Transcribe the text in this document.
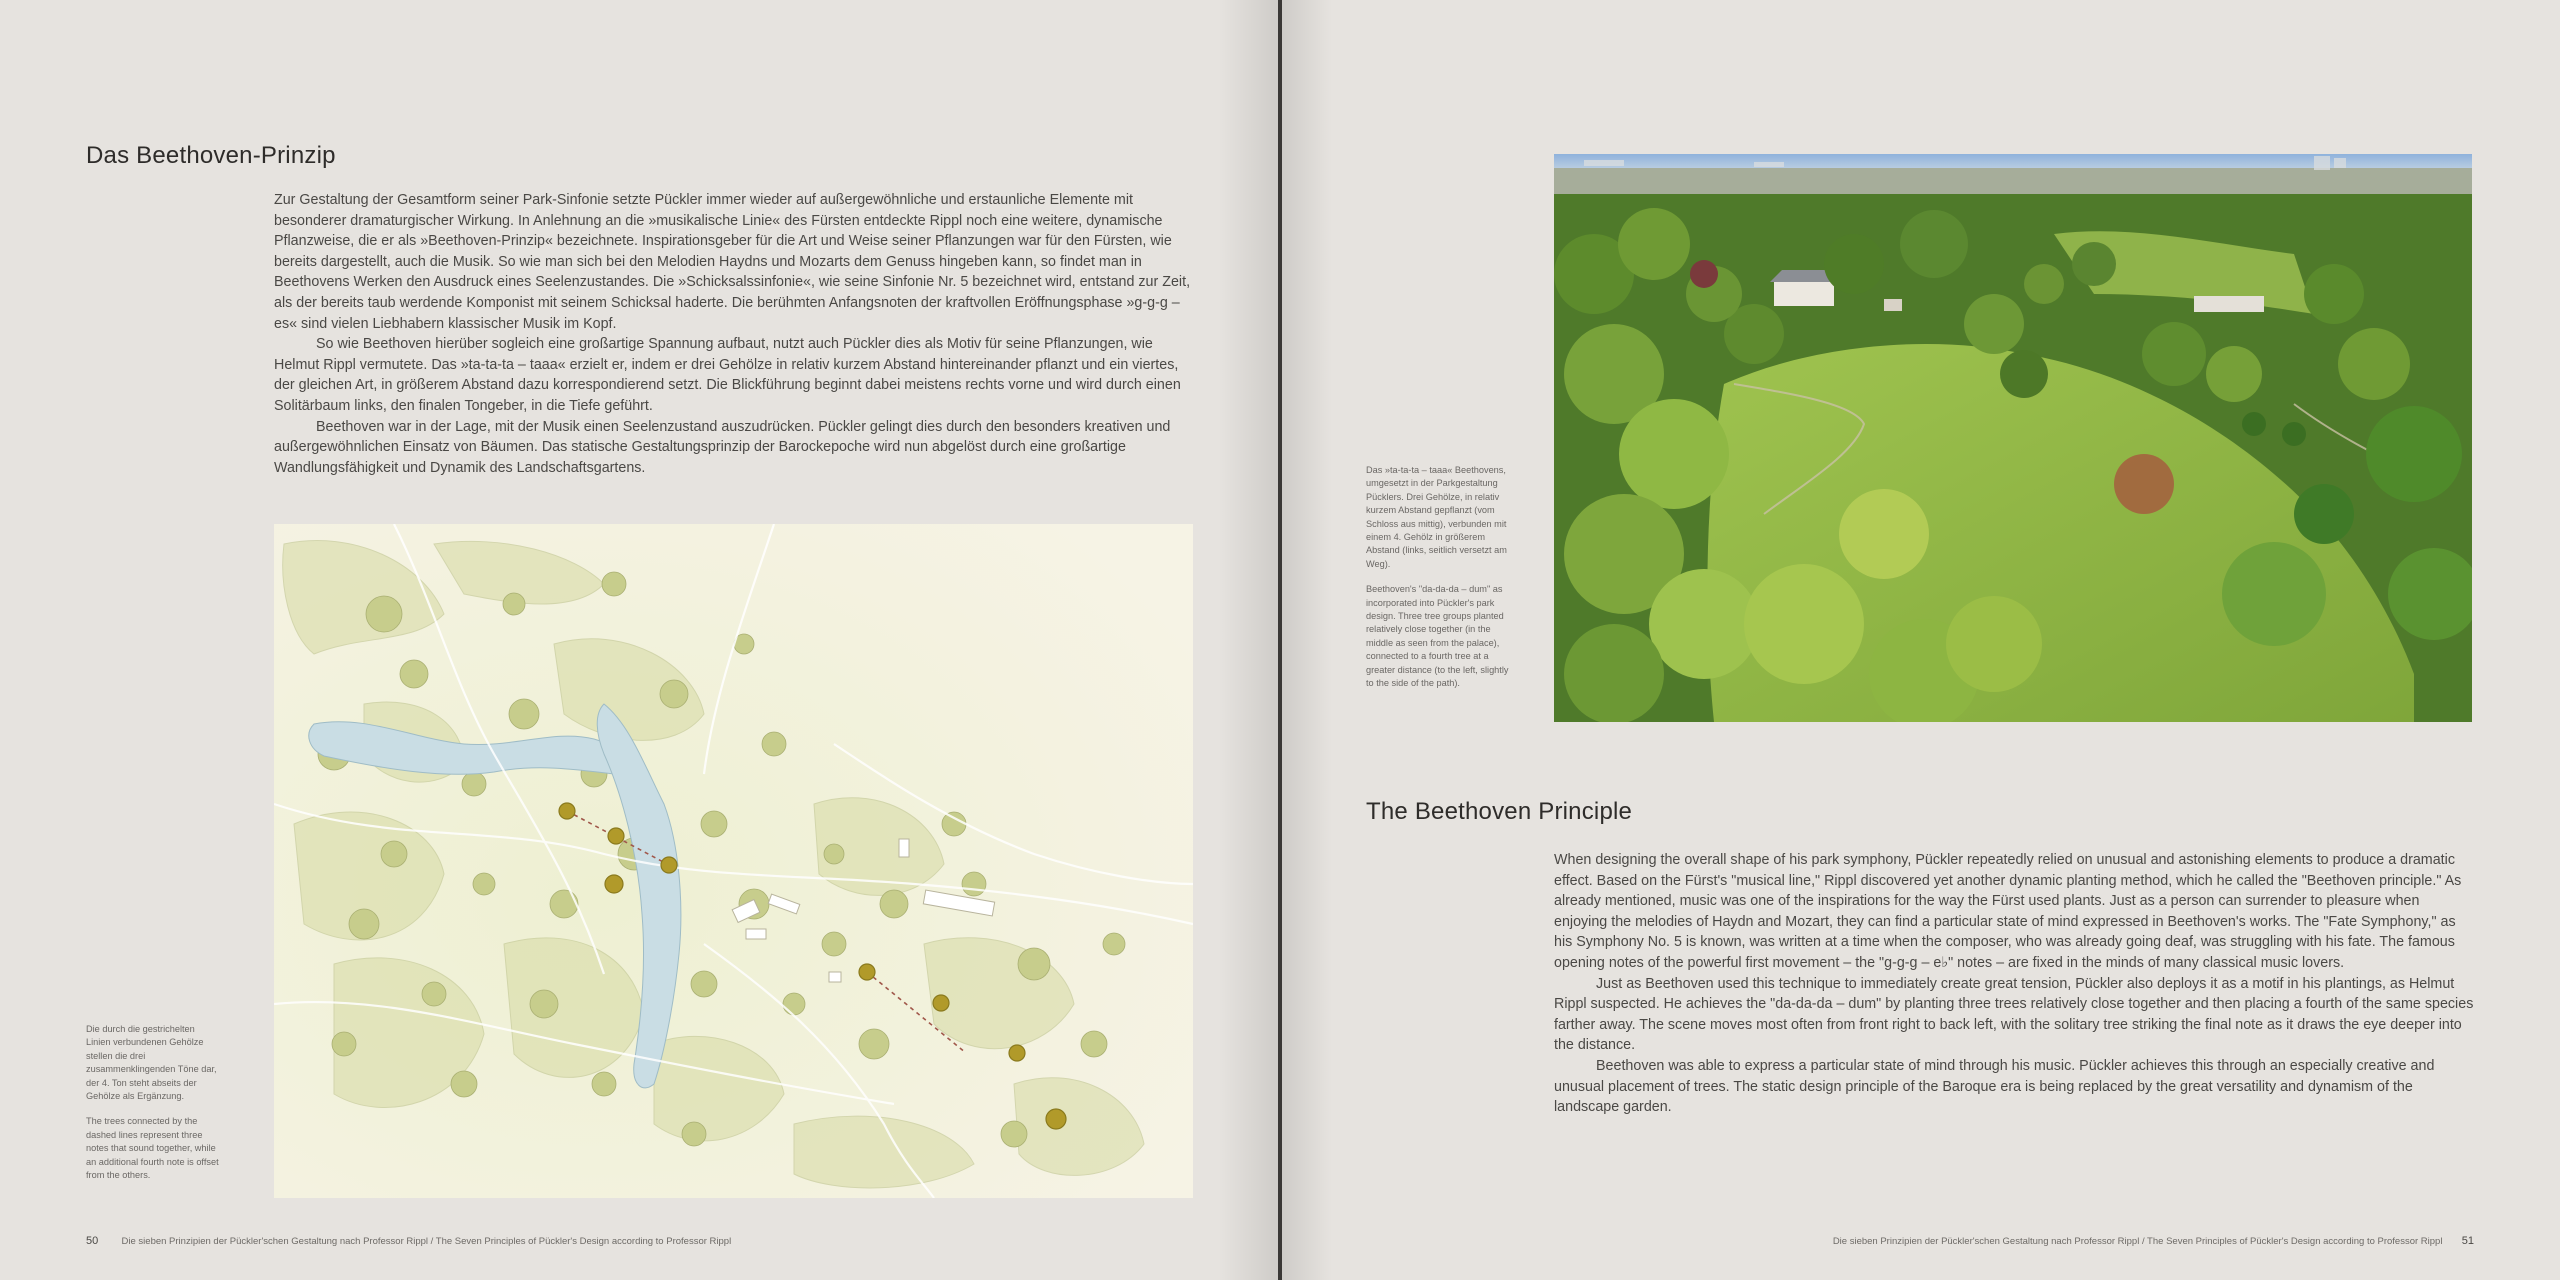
Das Beethoven-Prinzip

Zur Gestaltung der Gesamtform seiner Park-Sinfonie setzte Pückler immer wieder auf außergewöhnliche und erstaunliche Elemente mit besonderer dramaturgischer Wirkung. In Anlehnung an die »musikalische Linie« des Fürsten entdeckte Rippl noch eine weitere, dynamische Pflanzweise, die er als »Beethoven-Prinzip« bezeichnete. Inspirationsgeber für die Art und Weise seiner Pflanzungen war für den Fürsten, wie bereits dargestellt, auch die Musik. So wie man sich bei den Melodien Haydns und Mozarts dem Genuss hingeben kann, so findet man in Beethovens Werken den Ausdruck eines Seelenzustandes. Die »Schicksalssinfonie«, wie seine Sinfonie Nr. 5 bezeichnet wird, entstand zur Zeit, als der bereits taub werdende Komponist mit seinem Schicksal haderte. Die berühmten Anfangsnoten der kraftvollen Eröffnungsphase »g-g-g – es« sind vielen Liebhabern klassischer Musik im Kopf.

So wie Beethoven hierüber sogleich eine großartige Spannung aufbaut, nutzt auch Pückler dies als Motiv für seine Pflanzungen, wie Helmut Rippl vermutete. Das »ta-ta-ta – taaa« erzielt er, indem er drei Gehölze in relativ kurzem Abstand hintereinander pflanzt und ein viertes, der gleichen Art, in größerem Abstand dazu korrespondierend setzt. Die Blickführung beginnt dabei meistens rechts vorne und wird durch einen Solitärbaum links, den finalen Tongeber, in die Tiefe geführt.

Beethoven war in der Lage, mit der Musik einen Seelenzustand auszudrücken. Pückler gelingt dies durch den besonders kreativen und außergewöhnlichen Einsatz von Bäumen. Das statische Gestaltungsprinzip der Barockepoche wird nun abgelöst durch eine großartige Wandlungsfähigkeit und Dynamik des Landschaftsgartens.

Die durch die gestrichelten Linien verbundenen Gehölze stellen die drei zusammenklingenden Töne dar, der 4. Ton steht abseits der Gehölze als Ergänzung.

The trees connected by the dashed lines represent three notes that sound together, while an additional fourth note is offset from the others.

50 Die sieben Prinzipien der Pückler'schen Gestaltung nach Professor Rippl / The Seven Principles of Pückler's Design according to Professor Rippl

Das »ta-ta-ta – taaa« Beethovens, umgesetzt in der Parkgestaltung Pücklers. Drei Gehölze, in relativ kurzem Abstand gepflanzt (vom Schloss aus mittig), verbunden mit einem 4. Gehölz in größerem Abstand (links, seitlich versetzt am Weg).

Beethoven's "da-da-da – dum" as incorporated into Pückler's park design. Three tree groups planted relatively close together (in the middle as seen from the palace), connected to a fourth tree at a greater distance (to the left, slightly to the side of the path).

The Beethoven Principle

When designing the overall shape of his park symphony, Pückler repeatedly relied on unusual and astonishing elements to produce a dramatic effect. Based on the Fürst's "musical line," Rippl discovered yet another dynamic planting method, which he called the "Beethoven principle." As already mentioned, music was one of the inspirations for the way the Fürst used plants. Just as a person can surrender to pleasure when enjoying the melodies of Haydn and Mozart, they can find a particular state of mind expressed in Beethoven's works. The "Fate Symphony," as his Symphony No. 5 is known, was written at a time when the composer, who was already going deaf, was struggling with his fate. The famous opening notes of the powerful first movement – the "g-g-g – e♭" notes – are fixed in the minds of many classical music lovers.

Just as Beethoven used this technique to immediately create great tension, Pückler also deploys it as a motif in his plantings, as Helmut Rippl suspected. He achieves the "da-da-da – dum" by planting three trees relatively close together and then placing a fourth of the same species farther away. The scene moves most often from front right to back left, with the solitary tree striking the final note as it draws the eye deeper into the distance.

Beethoven was able to express a particular state of mind through his music. Pückler achieves this through an especially creative and unusual placement of trees. The static design principle of the Baroque era is being replaced by the great versatility and dynamism of the landscape garden.

Die sieben Prinzipien der Pückler'schen Gestaltung nach Professor Rippl / The Seven Principles of Pückler's Design according to Professor Rippl 51
